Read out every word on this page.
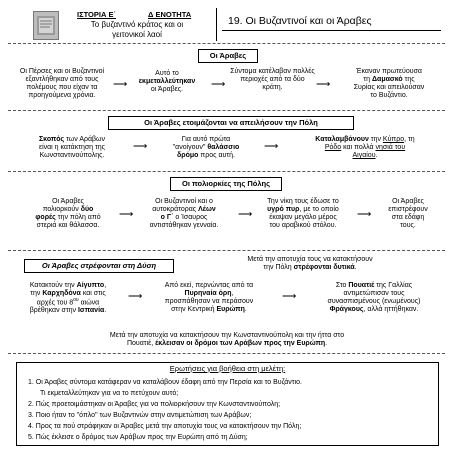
ΙΣΤΟΡΙΑ Ε΄	Δ ΕΝΟΤΗΤΑ
Το βυζαντινό κράτος και οι
γειτονικοί λαοί
19. Οι Βυζαντινοί και οι Άραβες
Οι Άραβες
Οι Πέρσες και οι Βυζαντινοί εξαντλήθηκαν από τους πολέμους που είχαν τα προηγούμενα χρόνια.
Αυτό το
εκμεταλλεύτηκαν
οι Άραβες.
Σύντομα κατέλαβαν πολλές περιοχές από τα δύο κράτη.
Έκαναν πρωτεύουσα
τη Δαμασκό της
Συρίας και απειλούσαν
το Βυζάντιο.
⟶	⟶	⟶
Οι Άραβες ετοιμάζονται να απειλήσουν την Πόλη
Σκοπός των Αράβων
είναι η κατάκτηση της
Κωνσταντινούπολης.
Για αυτό πρώτα
"ανοίγουν" θαλάσσιο
δρόμο προς αυτή.
Καταλαμβάνουν την Κύπρο, τη
Ρόδο και πολλά νησιά του
Αιγαίου.
⟶	⟶
Οι πολιορκίες της Πόλης
Οι Άραβες
πολιορκούν δύο
φορές την πόλη από
στεριά και θάλασσα.
Οι Βυζαντινοί και ο
αυτοκράτορας Λέων
ο Γ΄ ο Ίσαυρος
αντιστάθηκαν γενναία.
Την νίκη τους έδωσε το
υγρό πυρ, με το οποίο
έκαψαν μεγάλο μέρος
του αραβικού στόλου.
Οι Άραβες
επιστρέφουν
στα εδάφη
τους.
⟶	⟶	⟶
Οι Άραβες στρέφονται στη Δύση
Μετά την αποτυχία τους να κατακτήσουν
την Πόλη στρέφονται δυτικά.
Κατακτούν την Αίγυπτο,
την Καρχηδόνα και στις
αρχές του $8^{o\upsilon}$ αιώνα
βρέθηκαν στην Ισπανία.
Από εκεί, περνώντας από τα
Πυρηναία όρη,
προσπάθησαν να περάσουν
στην Κεντρική Ευρώπη.
Στο Πουατιέ της Γαλλίας
αντιμετώπισαν τους
συνασπισμένους (ενωμένους)
Φράγκους, αλλά ηττήθηκαν.
⟶	⟶
Μετά την αποτυχία να κατακτήσουν την Κωνσταντινούπολη και την ήττα στο
Πουατιέ, έκλεισαν οι δρόμοι των Αράβων προς την Ευρώπη.
Ερωτήσεις για βοήθεια στη μελέτη:
1. Οι Άραβες σύντομα κατάφεραν να καταλάβουν έδαφη από την Περσία και το Βυζάντιο.
Τι εκμεταλλεύτηκαν για να το πετύχουν αυτό;
2. Πώς προετοιμάστηκαν οι Άραβες για να πολιορκήσουν την Κωνσταντινούπολη;
3. Ποιο ήταν το "όπλο" των Βυζαντινών στην αντιμετώπιση των Αράβων;
4. Προς τα πού στράφηκαν οι Άραβες μετά την αποτυχία τους να κατακτήσουν την Πόλη;
5. Πώς έκλεισε ο δρόμος των Αράβων προς την Ευρώπη από τη Δύση;
